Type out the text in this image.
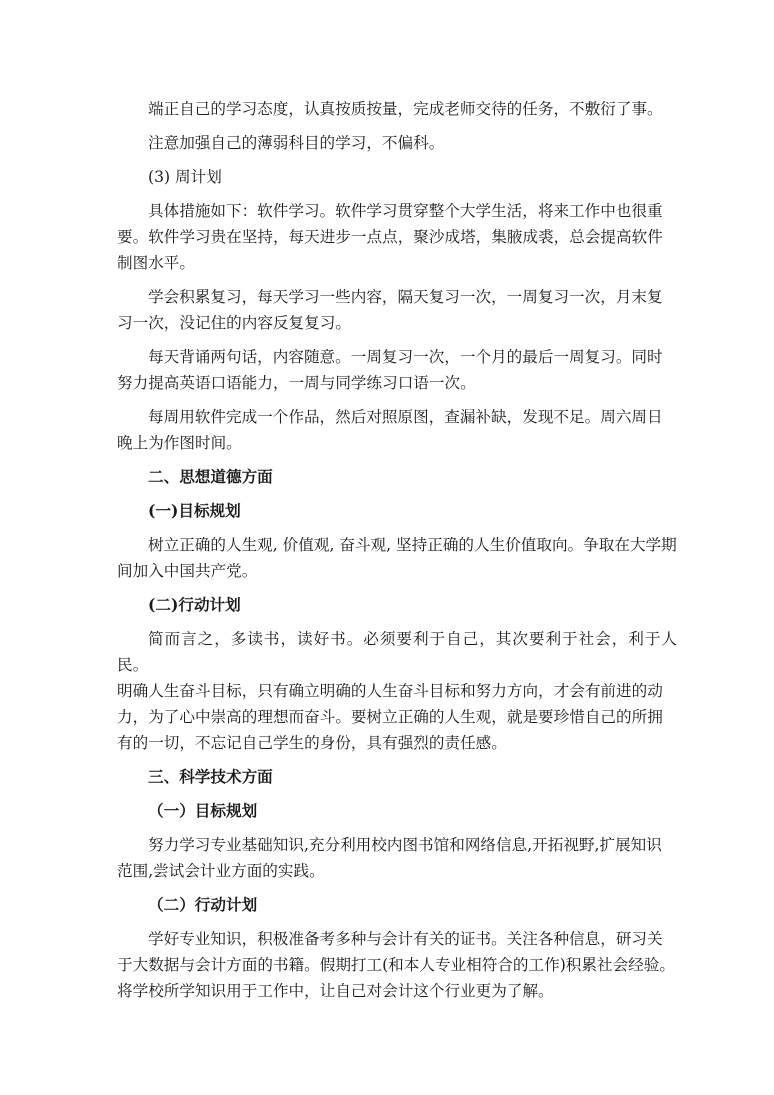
端正自己的学习态度，认真按质按量，完成老师交待的任务，不敷衍了事。
注意加强自己的薄弱科目的学习，不偏科。
(3) 周计划
具体措施如下：软件学习。软件学习贯穿整个大学生活，将来工作中也很重
要。软件学习贵在坚持，每天进步一点点，聚沙成塔，集腋成裘，总会提高软件
制图水平。
学会积累复习，每天学习一些内容，隔天复习一次，一周复习一次，月末复
习一次，没记住的内容反复复习。
每天背诵两句话，内容随意。一周复习一次，一个月的最后一周复习。同时
努力提高英语口语能力，一周与同学练习口语一次。
每周用软件完成一个作品，然后对照原图，查漏补缺，发现不足。周六周日
晚上为作图时间。
二、思想道德方面
(一)目标规划
树立正确的人生观, 价值观, 奋斗观, 坚持正确的人生价值取向。争取在大学期
间加入中国共产党。
(二)行动计划
简而言之，多读书，读好书。必须要利于自己，其次要利于社会，利于人民。
明确人生奋斗目标，只有确立明确的人生奋斗目标和努力方向，才会有前进的动
力，为了心中崇高的理想而奋斗。要树立正确的人生观，就是要珍惜自己的所拥
有的一切，不忘记自己学生的身份，具有强烈的责任感。
三、科学技术方面
（一）目标规划
努力学习专业基础知识,充分利用校内图书馆和网络信息,开拓视野,扩展知识
范围,尝试会计业方面的实践。
（二）行动计划
学好专业知识，积极准备考多种与会计有关的证书。关注各种信息，研习关
于大数据与会计方面的书籍。假期打工(和本人专业相符合的工作)积累社会经验。
将学校所学知识用于工作中，让自己对会计这个行业更为了解。
